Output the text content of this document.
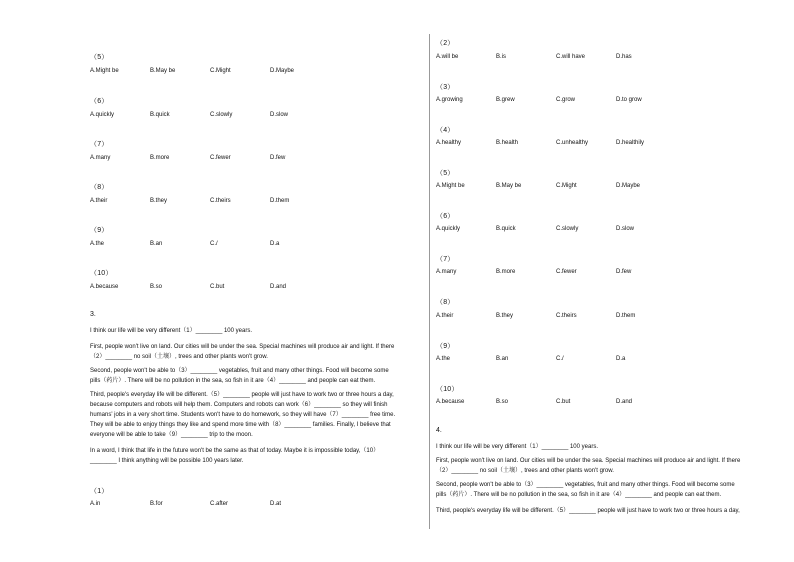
（5）
A.Might be	B.May be	C.Might	D.Maybe
（6）
A.quickly	B.quick	C.slowly	D.slow
（7）
A.many	B.more	C.fewer	D.few
（8）
A.their	B.they	C.theirs	D.them
（9）
A.the	B.an	C./	D.a
（10）
A.because	B.so	C.but	D.and
3.
I think our life will be very different（1）________ 100 years.
First, people won't live on land. Our cities will be under the sea. Special machines will produce air and light. If there
（2）________ no soil（土壤）, trees and other plants won't grow.
Second, people won't be able to（3）________ vegetables, fruit and many other things. Food will become some
pills（药片）. There will be no pollution in the sea, so fish in it are（4）________ and people can eat them.
Third, people's everyday life will be different.（5）________ people will just have to work two or three hours a day,
because computers and robots will help them. Computers and robots can work（6）________ so they will finish
humans' jobs in a very short time. Students won't have to do homework, so they will have（7）________ free time.
They will be able to enjoy things they like and spend more time with（8）________ families. Finally, I believe that
everyone will be able to take（9）________ trip to the moon.
In a word, I think that life in the future won't be the same as that of today. Maybe it is impossible today,（10）
________ I think anything will be possible 100 years later.
（1）
A.in	B.for	C.after	D.at
（2）
A.will be	B.is	C.will have	D.has
（3）
A.growing	B.grew	C.grow	D.to grow
（4）
A.healthy	B.health	C.unhealthy	D.healthily
（5）
A.Might be	B.May be	C.Might	D.Maybe
（6）
A.quickly	B.quick	C.slowly	D.slow
（7）
A.many	B.more	C.fewer	D.few
（8）
A.their	B.they	C.theirs	D.them
（9）
A.the	B.an	C./	D.a
（10）
A.because	B.so	C.but	D.and
4.
I think our life will be very different（1）________ 100 years.
First, people won't live on land. Our cities will be under the sea. Special machines will produce air and light. If there
（2）________ no soil（土壤）, trees and other plants won't grow.
Second, people won't be able to（3）________ vegetables, fruit and many other things. Food will become some
pills（药片）. There will be no pollution in the sea, so fish in it are（4）________ and people can eat them.
Third, people's everyday life will be different.（5）________ people will just have to work two or three hours a day,
